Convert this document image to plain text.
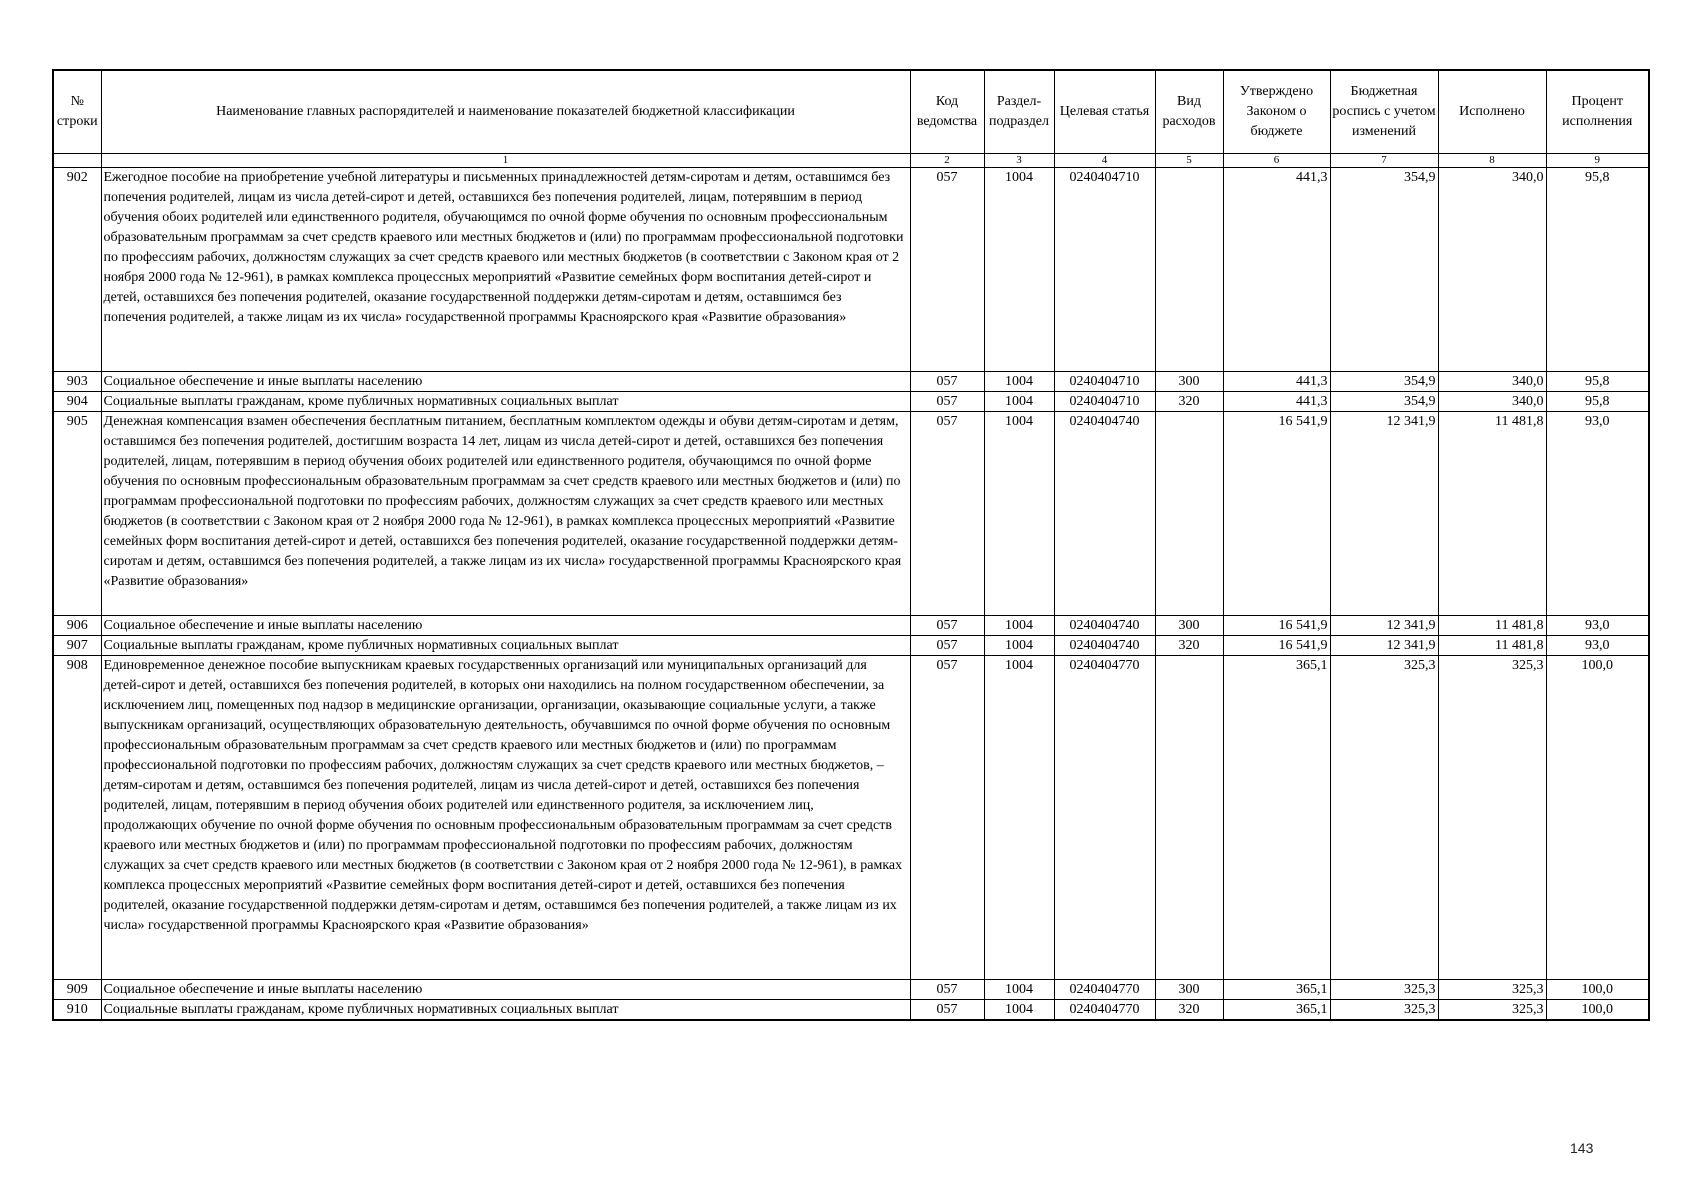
№ строки	Наименование главных распорядителей и наименование показателей бюджетной классификации	Код ведомства	Раздел-подраздел	Целевая статья	Вид расходов	Утверждено Законом о бюджете	Бюджетная роспись с учетом изменений	Исполнено	Процент исполнения
	1	2	3	4	5	6	7	8	9
902	Ежегодное пособие на приобретение учебной литературы и письменных принадлежностей детям-сиротам и детям, оставшимся без попечения родителей, лицам из числа детей-сирот и детей, оставшихся без попечения родителей, лицам, потерявшим в период обучения обоих родителей или единственного родителя, обучающимся по очной форме обучения по основным профессиональным образовательным программам за счет средств краевого или местных бюджетов и (или) по программам профессиональной подготовки по профессиям рабочих, должностям служащих за счет средств краевого или местных бюджетов (в соответствии с Законом края от 2 ноября 2000 года № 12-961), в рамках комплекса процессных мероприятий «Развитие семейных форм воспитания детей-сирот и детей, оставшихся без попечения родителей, оказание государственной поддержки детям-сиротам и детям, оставшимся без попечения родителей, а также лицам из их числа» государственной программы Красноярского края «Развитие образования»	057	1004	0240404710		441,3	354,9	340,0	95,8
903	Социальное обеспечение и иные выплаты населению	057	1004	0240404710	300	441,3	354,9	340,0	95,8
904	Социальные выплаты гражданам, кроме публичных нормативных социальных выплат	057	1004	0240404710	320	441,3	354,9	340,0	95,8
905	Денежная компенсация взамен обеспечения бесплатным питанием, бесплатным комплектом одежды и обуви детям-сиротам и детям, оставшимся без попечения родителей, достигшим возраста 14 лет, лицам из числа детей-сирот и детей, оставшихся без попечения родителей, лицам, потерявшим в период обучения обоих родителей или единственного родителя, обучающимся по очной форме обучения по основным профессиональным образовательным программам за счет средств краевого или местных бюджетов и (или) по программам профессиональной подготовки по профессиям рабочих, должностям служащих за счет средств краевого или местных бюджетов (в соответствии с Законом края от 2 ноября 2000 года № 12-961), в рамках комплекса процессных мероприятий «Развитие семейных форм воспитания детей-сирот и детей, оставшихся без попечения родителей, оказание государственной поддержки детям-сиротам и детям, оставшимся без попечения родителей, а также лицам из их числа» государственной программы Красноярского края «Развитие образования»	057	1004	0240404740		16 541,9	12 341,9	11 481,8	93,0
906	Социальное обеспечение и иные выплаты населению	057	1004	0240404740	300	16 541,9	12 341,9	11 481,8	93,0
907	Социальные выплаты гражданам, кроме публичных нормативных социальных выплат	057	1004	0240404740	320	16 541,9	12 341,9	11 481,8	93,0
908	Единовременное денежное пособие выпускникам краевых государственных организаций или муниципальных организаций для детей-сирот и детей, оставшихся без попечения родителей, в которых они находились на полном государственном обеспечении, за исключением лиц, помещенных под надзор в медицинские организации, организации, оказывающие социальные услуги, а также выпускникам организаций, осуществляющих образовательную деятельность, обучавшимся по очной форме обучения по основным профессиональным образовательным программам за счет средств краевого или местных бюджетов и (или) по программам профессиональной подготовки по профессиям рабочих, должностям служащих за счет средств краевого или местных бюджетов, – детям-сиротам и детям, оставшимся без попечения родителей, лицам из числа детей-сирот и детей, оставшихся без попечения родителей, лицам, потерявшим в период обучения обоих родителей или единственного родителя, за исключением лиц, продолжающих обучение по очной форме обучения по основным профессиональным образовательным программам за счет средств краевого или местных бюджетов и (или) по программам профессиональной подготовки по профессиям рабочих, должностям служащих за счет средств краевого или местных бюджетов (в соответствии с Законом края от 2 ноября 2000 года № 12-961), в рамках комплекса процессных мероприятий «Развитие семейных форм воспитания детей-сирот и детей, оставшихся без попечения родителей, оказание государственной поддержки детям-сиротам и детям, оставшимся без попечения родителей, а также лицам из их числа» государственной программы Красноярского края «Развитие образования»	057	1004	0240404770		365,1	325,3	325,3	100,0
909	Социальное обеспечение и иные выплаты населению	057	1004	0240404770	300	365,1	325,3	325,3	100,0
910	Социальные выплаты гражданам, кроме публичных нормативных социальных выплат	057	1004	0240404770	320	365,1	325,3	325,3	100,0
143
